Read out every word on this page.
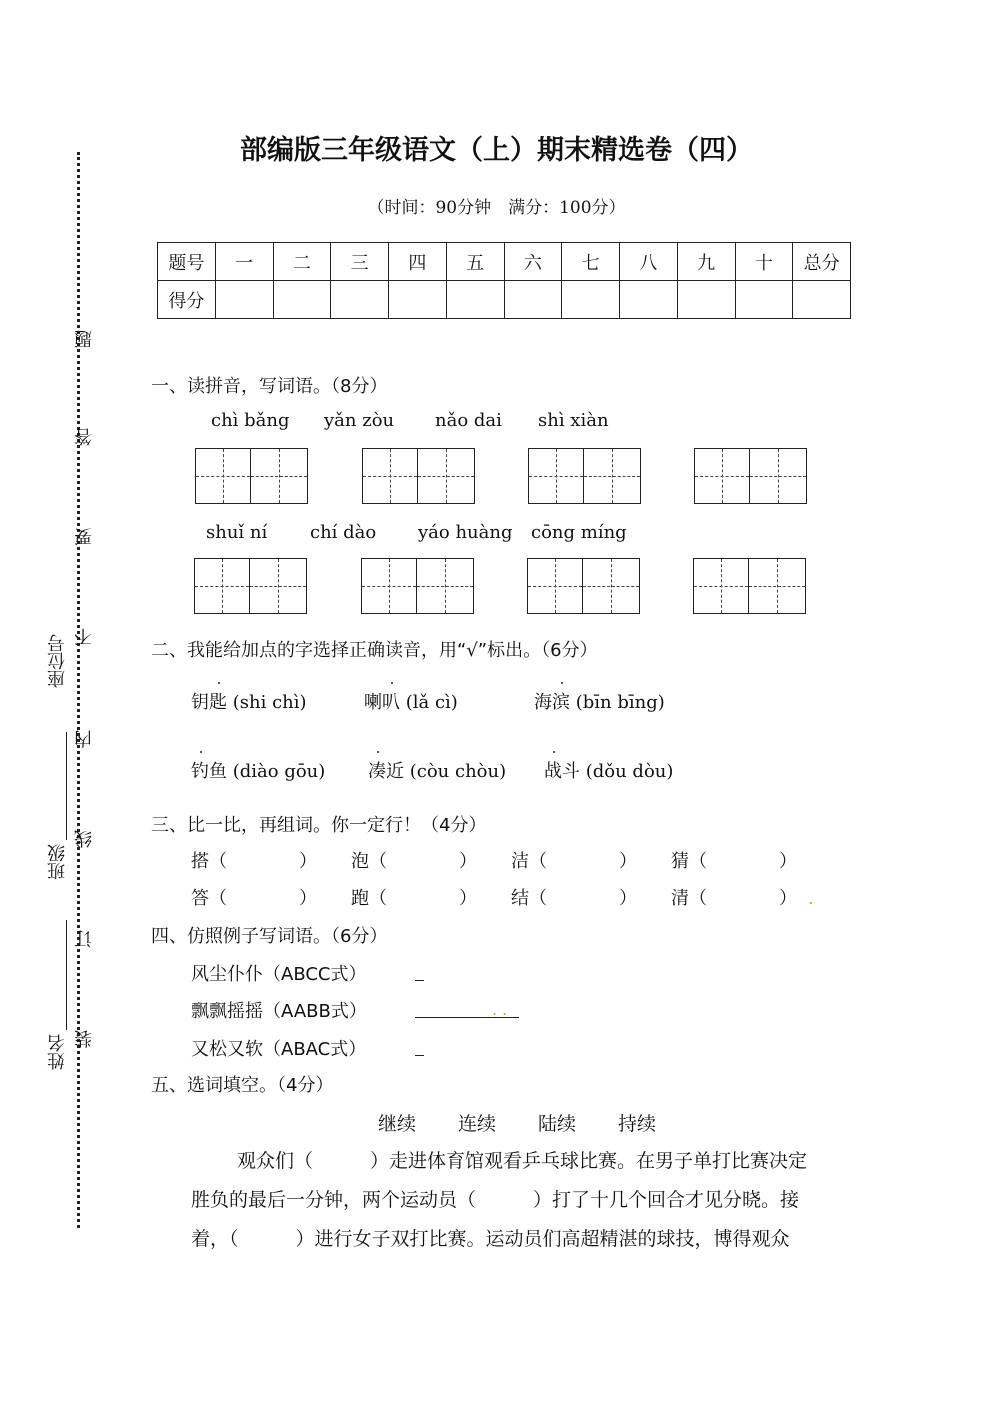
题
答
要
不
内
线
订
装
座位号
班级
姓名
部编版三年级语文（上）期末精选卷（四）
（时间：90分钟　满分：100分）
题号	一	二	三	四	五	六	七	八	九	十	总分
得分											
一、读拼音，写词语。（8分）
chì bǎng yǎn zòu nǎo dai shì xiàn
shuǐ ní chí dào yáo huàng cōng míng
二、我能给加点的字选择正确读音，用“√”标出。（6分）
钥匙 (shi chì)	喇叭 (lǎ cì)	海滨 (bīn bīng)
钓鱼 (diào gōu) 凑近 (còu chòu) 战斗 (dǒu dòu)
三、比一比，再组词。你一定行！（4分）
搭（	） 泡（	） 洁（	） 猜（	）
答（	） 跑（	） 结（	） 清（	） .
四、仿照例子写词语。（6分）
风尘仆仆（ABCC式）
飘飘摇摇（AABB式）	. .
又松又软（ABAC式）
五、选词填空。（4分）
继续 连续 陆续 持续
观众们（　　　）走进体育馆观看乒乓球比赛。在男子单打比赛决定
胜负的最后一分钟，两个运动员（　　　）打了十几个回合才见分晓。接
着，（　　　）进行女子双打比赛。运动员们高超精湛的球技，博得观众
